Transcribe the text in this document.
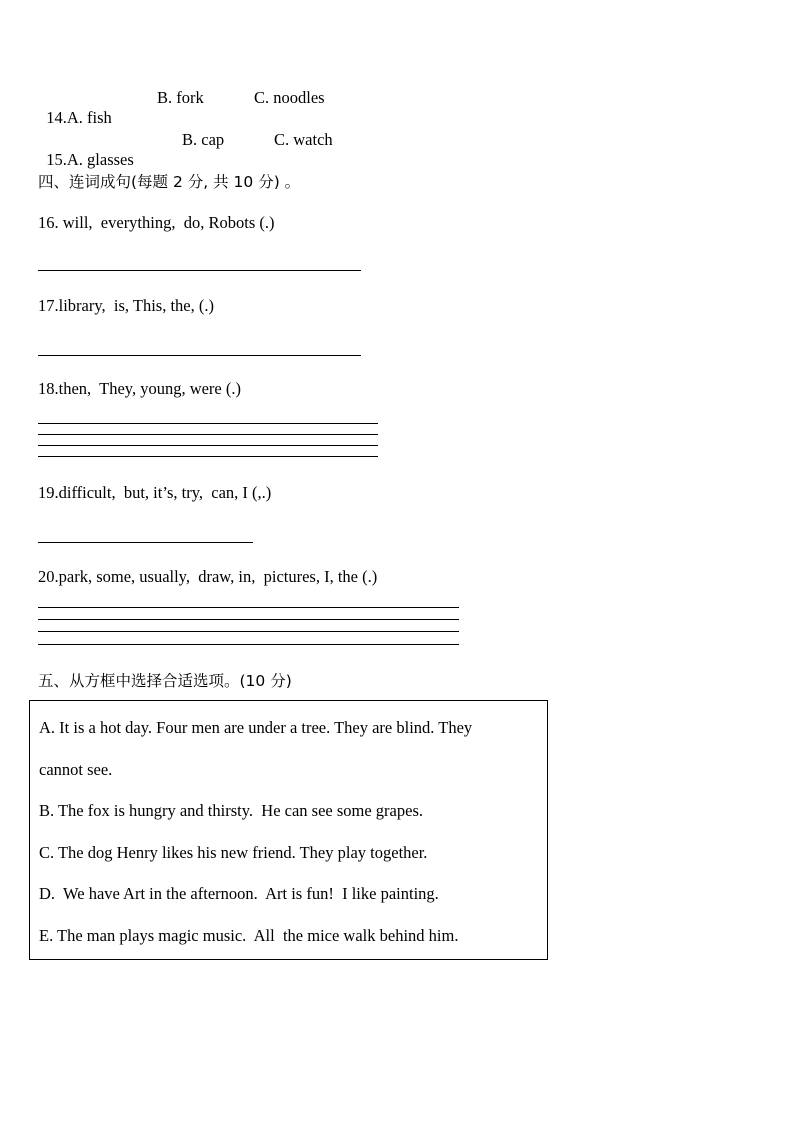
14.A. fish

B. fork	C. noodles

15.A. glasses

B. cap	C. watch
四、连词成句(每题 2 分, 共 10 分) 。
16. will,  everything,  do, Robots (.)
17.library,  is, This, the, (.)
18.then,  They, young, were (.)
19.difficult,  but, it’s, try,  can, I (,.)
20.park, some, usually,  draw, in,  pictures, I, the (.)
五、从方框中选择合适选项。(10 分)
A. It is a hot day. Four men are under a tree. They are blind. They
cannot see.
B. The fox is hungry and thirsty.  He can see some grapes.
C. The dog Henry likes his new friend. They play together.
D.  We have Art in the afternoon.  Art is fun!  I like painting.
E. The man plays magic music.  All  the mice walk behind him.
